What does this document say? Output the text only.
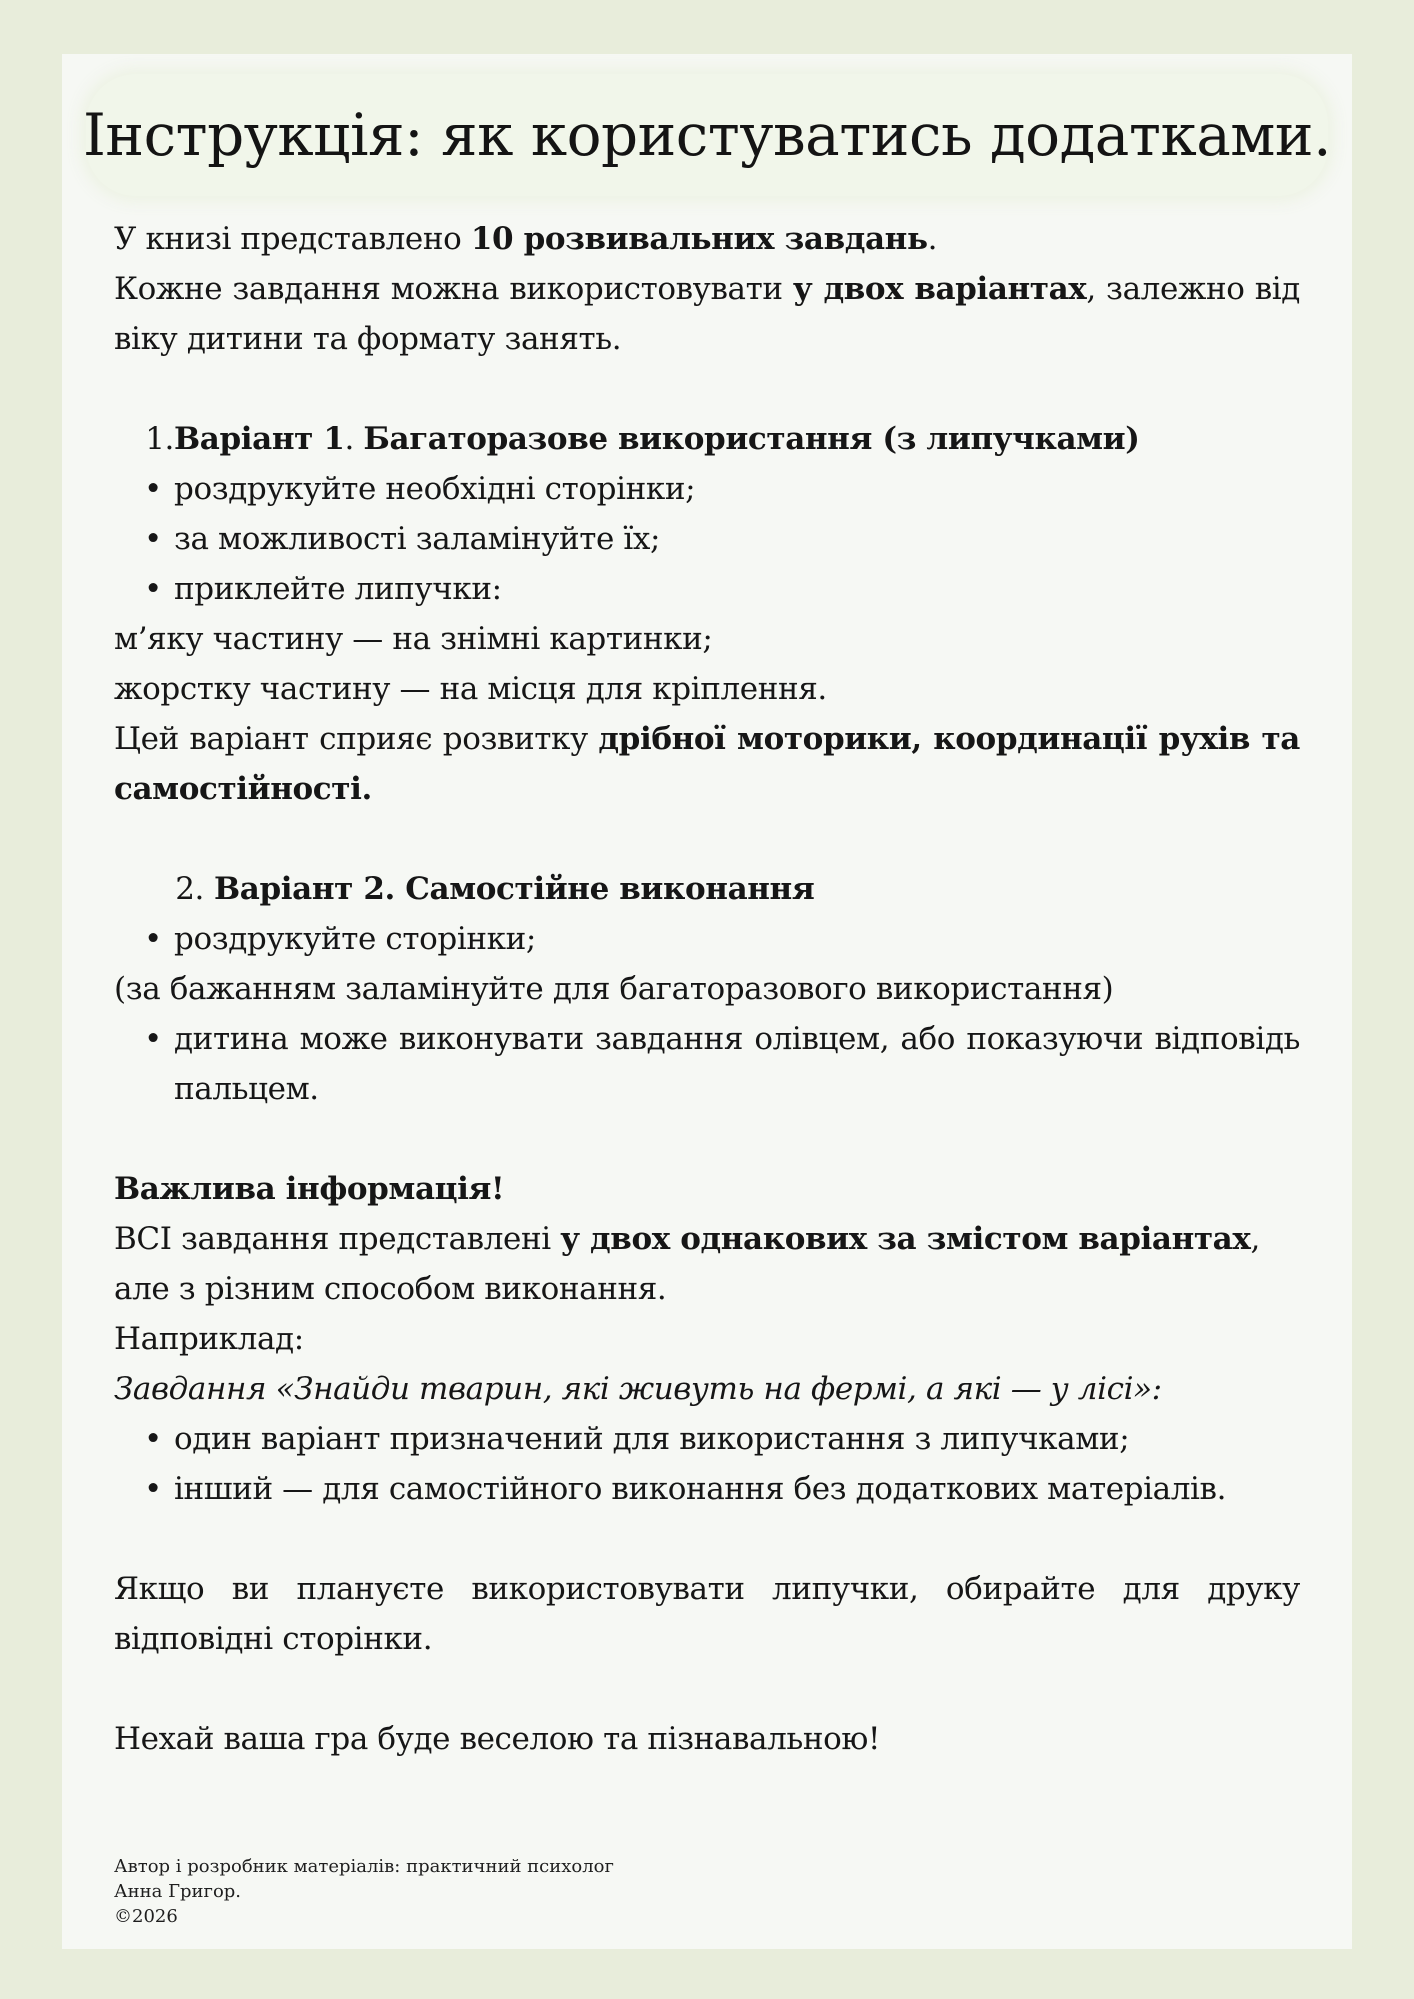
Інструкція: як користуватись додатками.

У книзі представлено 10 розвивальних завдань.

Кожне завдання можна використовувати у двох варіантах, залежно від віку дитини та формату занять.

1. Варіант 1. Багаторазове використання (з липучками)

• роздрукуйте необхідні сторінки;
• за можливості заламінуйте їх;
• приклейте липучки:

м’яку частину — на знімні картинки;

жорстку частину — на місця для кріплення.

Цей варіант сприяє розвитку дрібної моторики, координації рухів та самостійності.

2. Варіант 2. Самостійне виконання

• роздрукуйте сторінки;

(за бажанням заламінуйте для багаторазового використання)

• дитина може виконувати завдання олівцем, або показуючи відповідь пальцем.

Важлива інформація!

ВСІ завдання представлені у двох однакових за змістом варіантах, але з різним способом виконання.

Наприклад:

Завдання «Знайди тварин, які живуть на фермі, а які — у лісі»:

• один варіант призначений для використання з липучками;
• інший — для самостійного виконання без додаткових матеріалів.

Якщо ви плануєте використовувати липучки, обирайте для друку відповідні сторінки.

Нехай ваша гра буде веселою та пізнавальною!

Автор і розробник матеріалів: практичний психолог

Анна Григор.

©2026
